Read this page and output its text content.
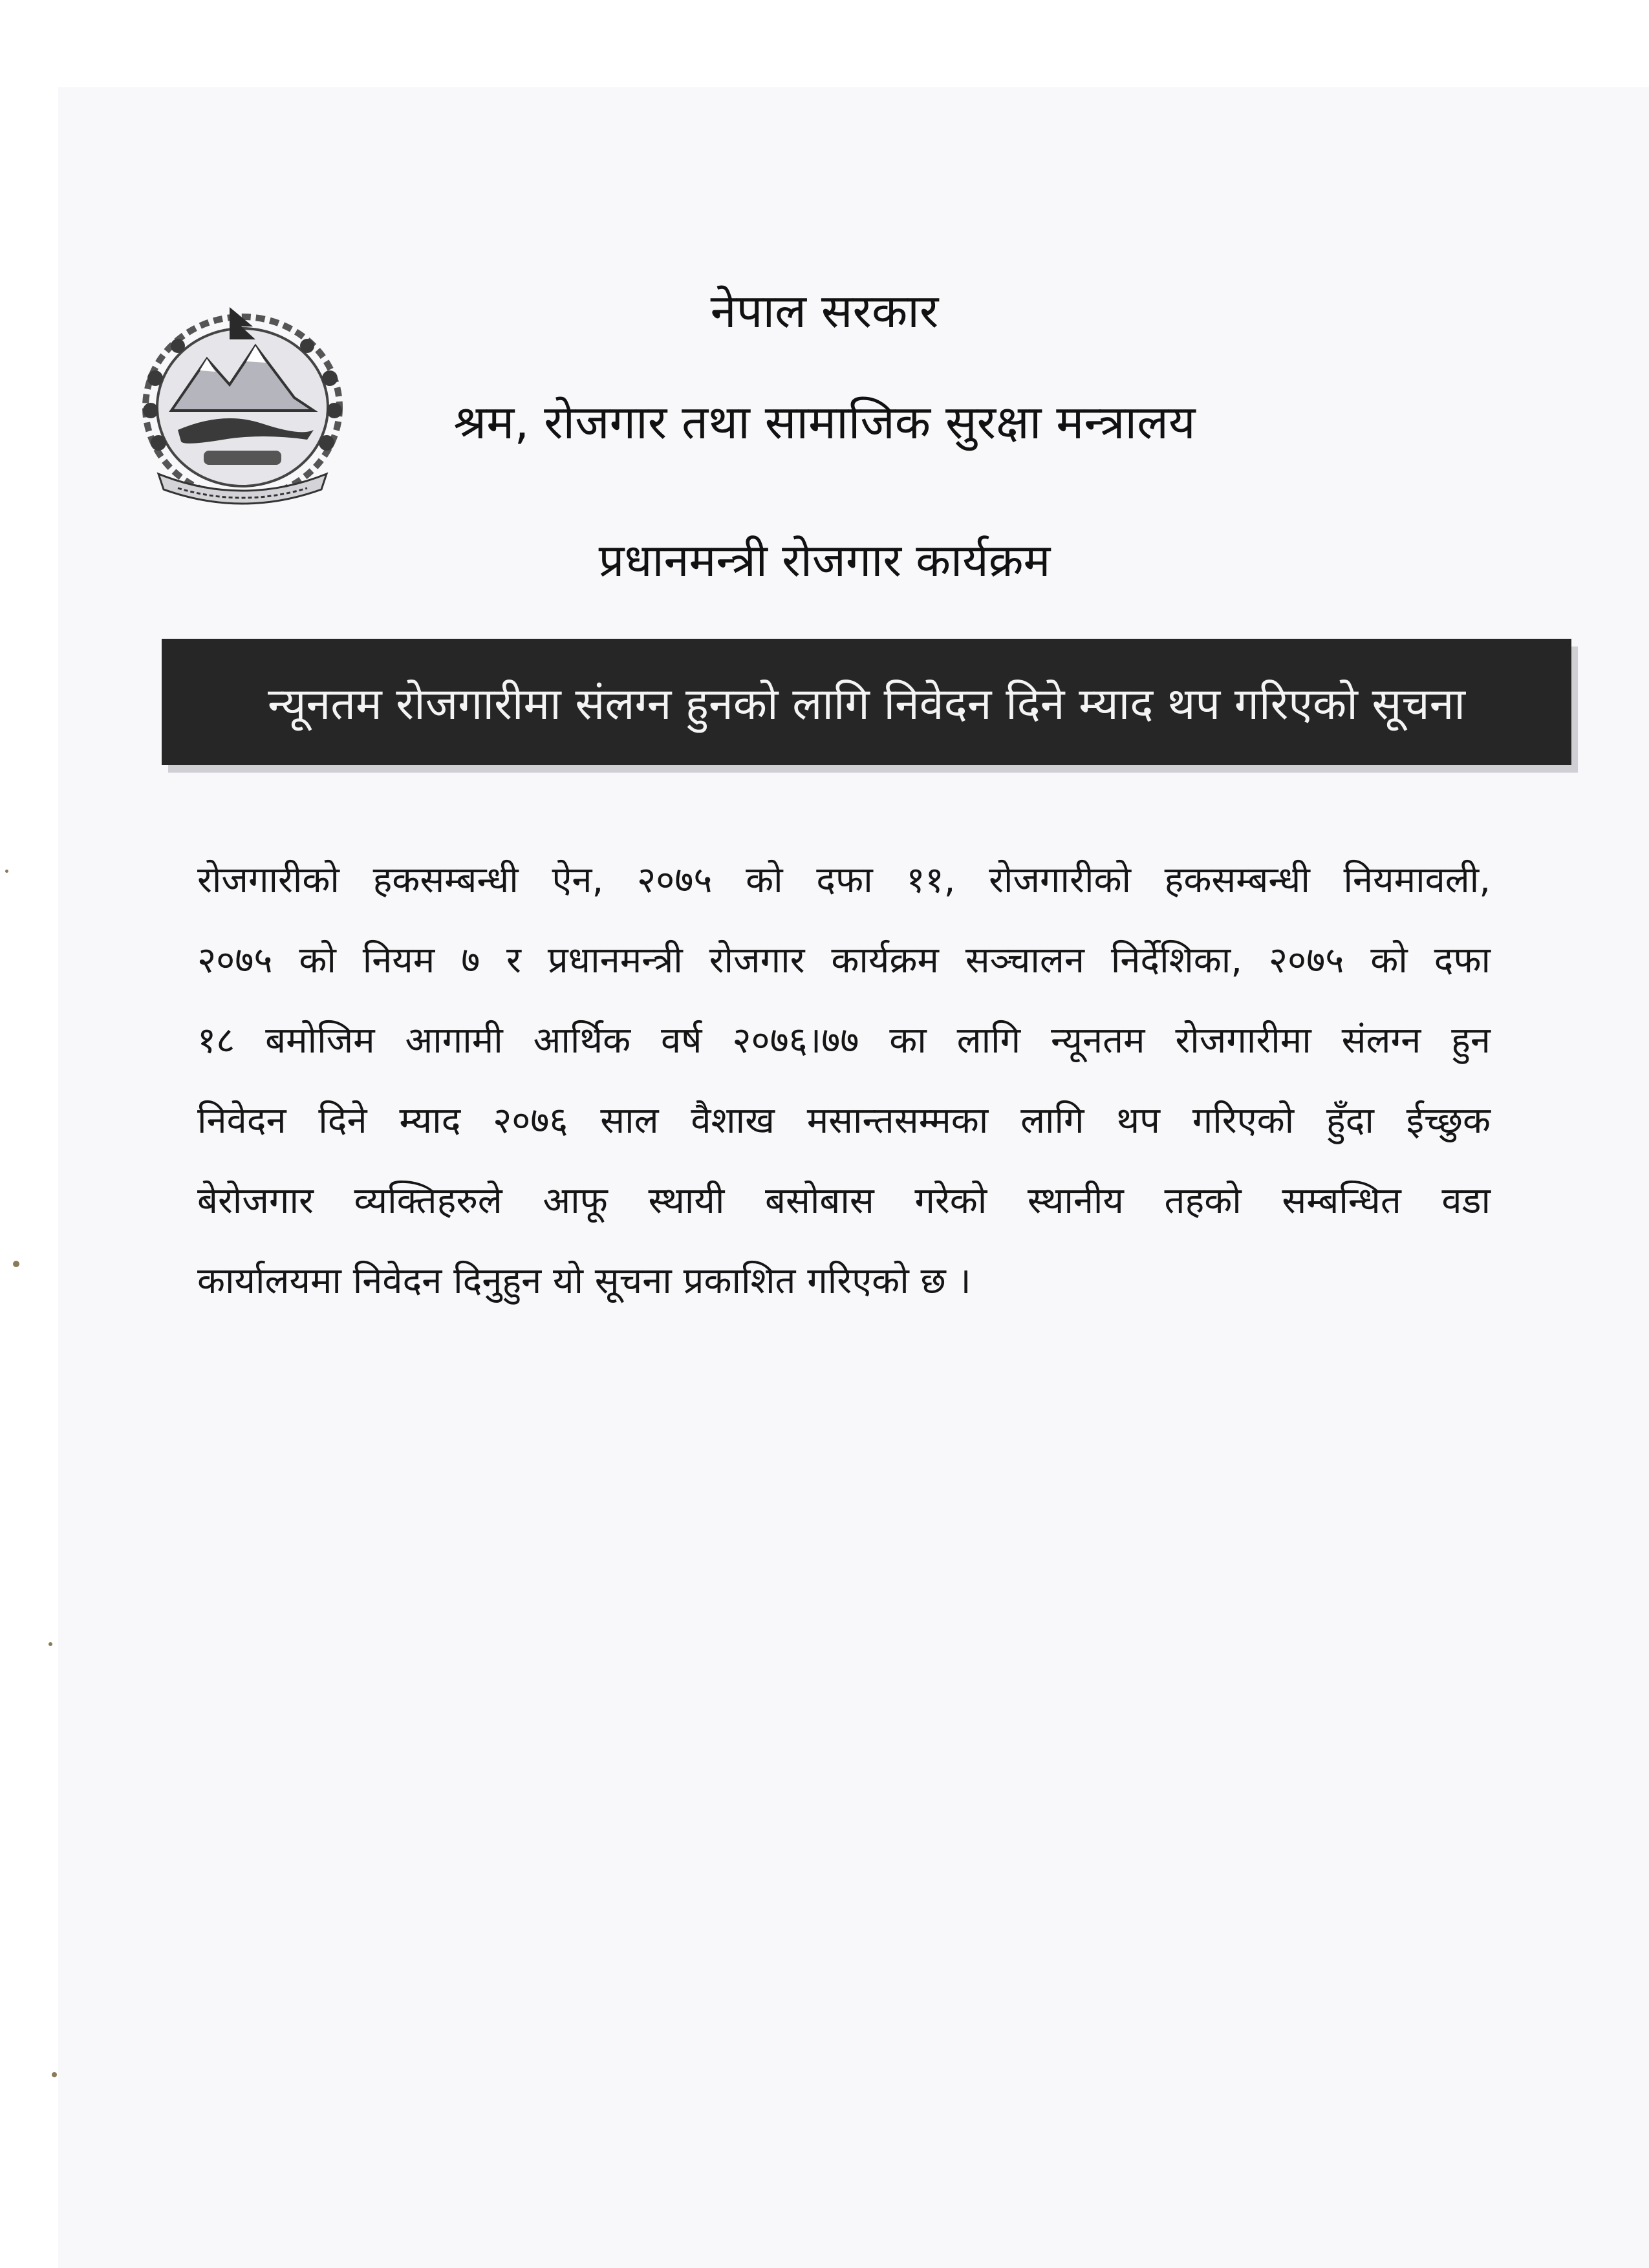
नेपाल सरकार
श्रम, रोजगार तथा सामाजिक सुरक्षा मन्त्रालय
प्रधानमन्त्री रोजगार कार्यक्रम
न्यूनतम रोजगारीमा संलग्न हुनको लागि निवेदन दिने म्याद थप गरिएको सूचना
रोजगारीको हकसम्बन्धी ऐन, २०७५ को दफा ११, रोजगारीको हकसम्बन्धी नियमावली,
२०७५ को नियम ७ र प्रधानमन्त्री रोजगार कार्यक्रम सञ्चालन निर्देशिका, २०७५ को दफा
१८ बमोजिम आगामी आर्थिक वर्ष २०७६।७७ का लागि न्यूनतम रोजगारीमा संलग्न हुन
निवेदन दिने म्याद २०७६ साल वैशाख मसान्तसम्मका लागि थप गरिएको हुँदा ईच्छुक
बेरोजगार व्यक्तिहरुले आफू स्थायी बसोबास गरेको स्थानीय तहको सम्बन्धित वडा
कार्यालयमा निवेदन दिनुहुन यो सूचना प्रकाशित गरिएको छ ।
